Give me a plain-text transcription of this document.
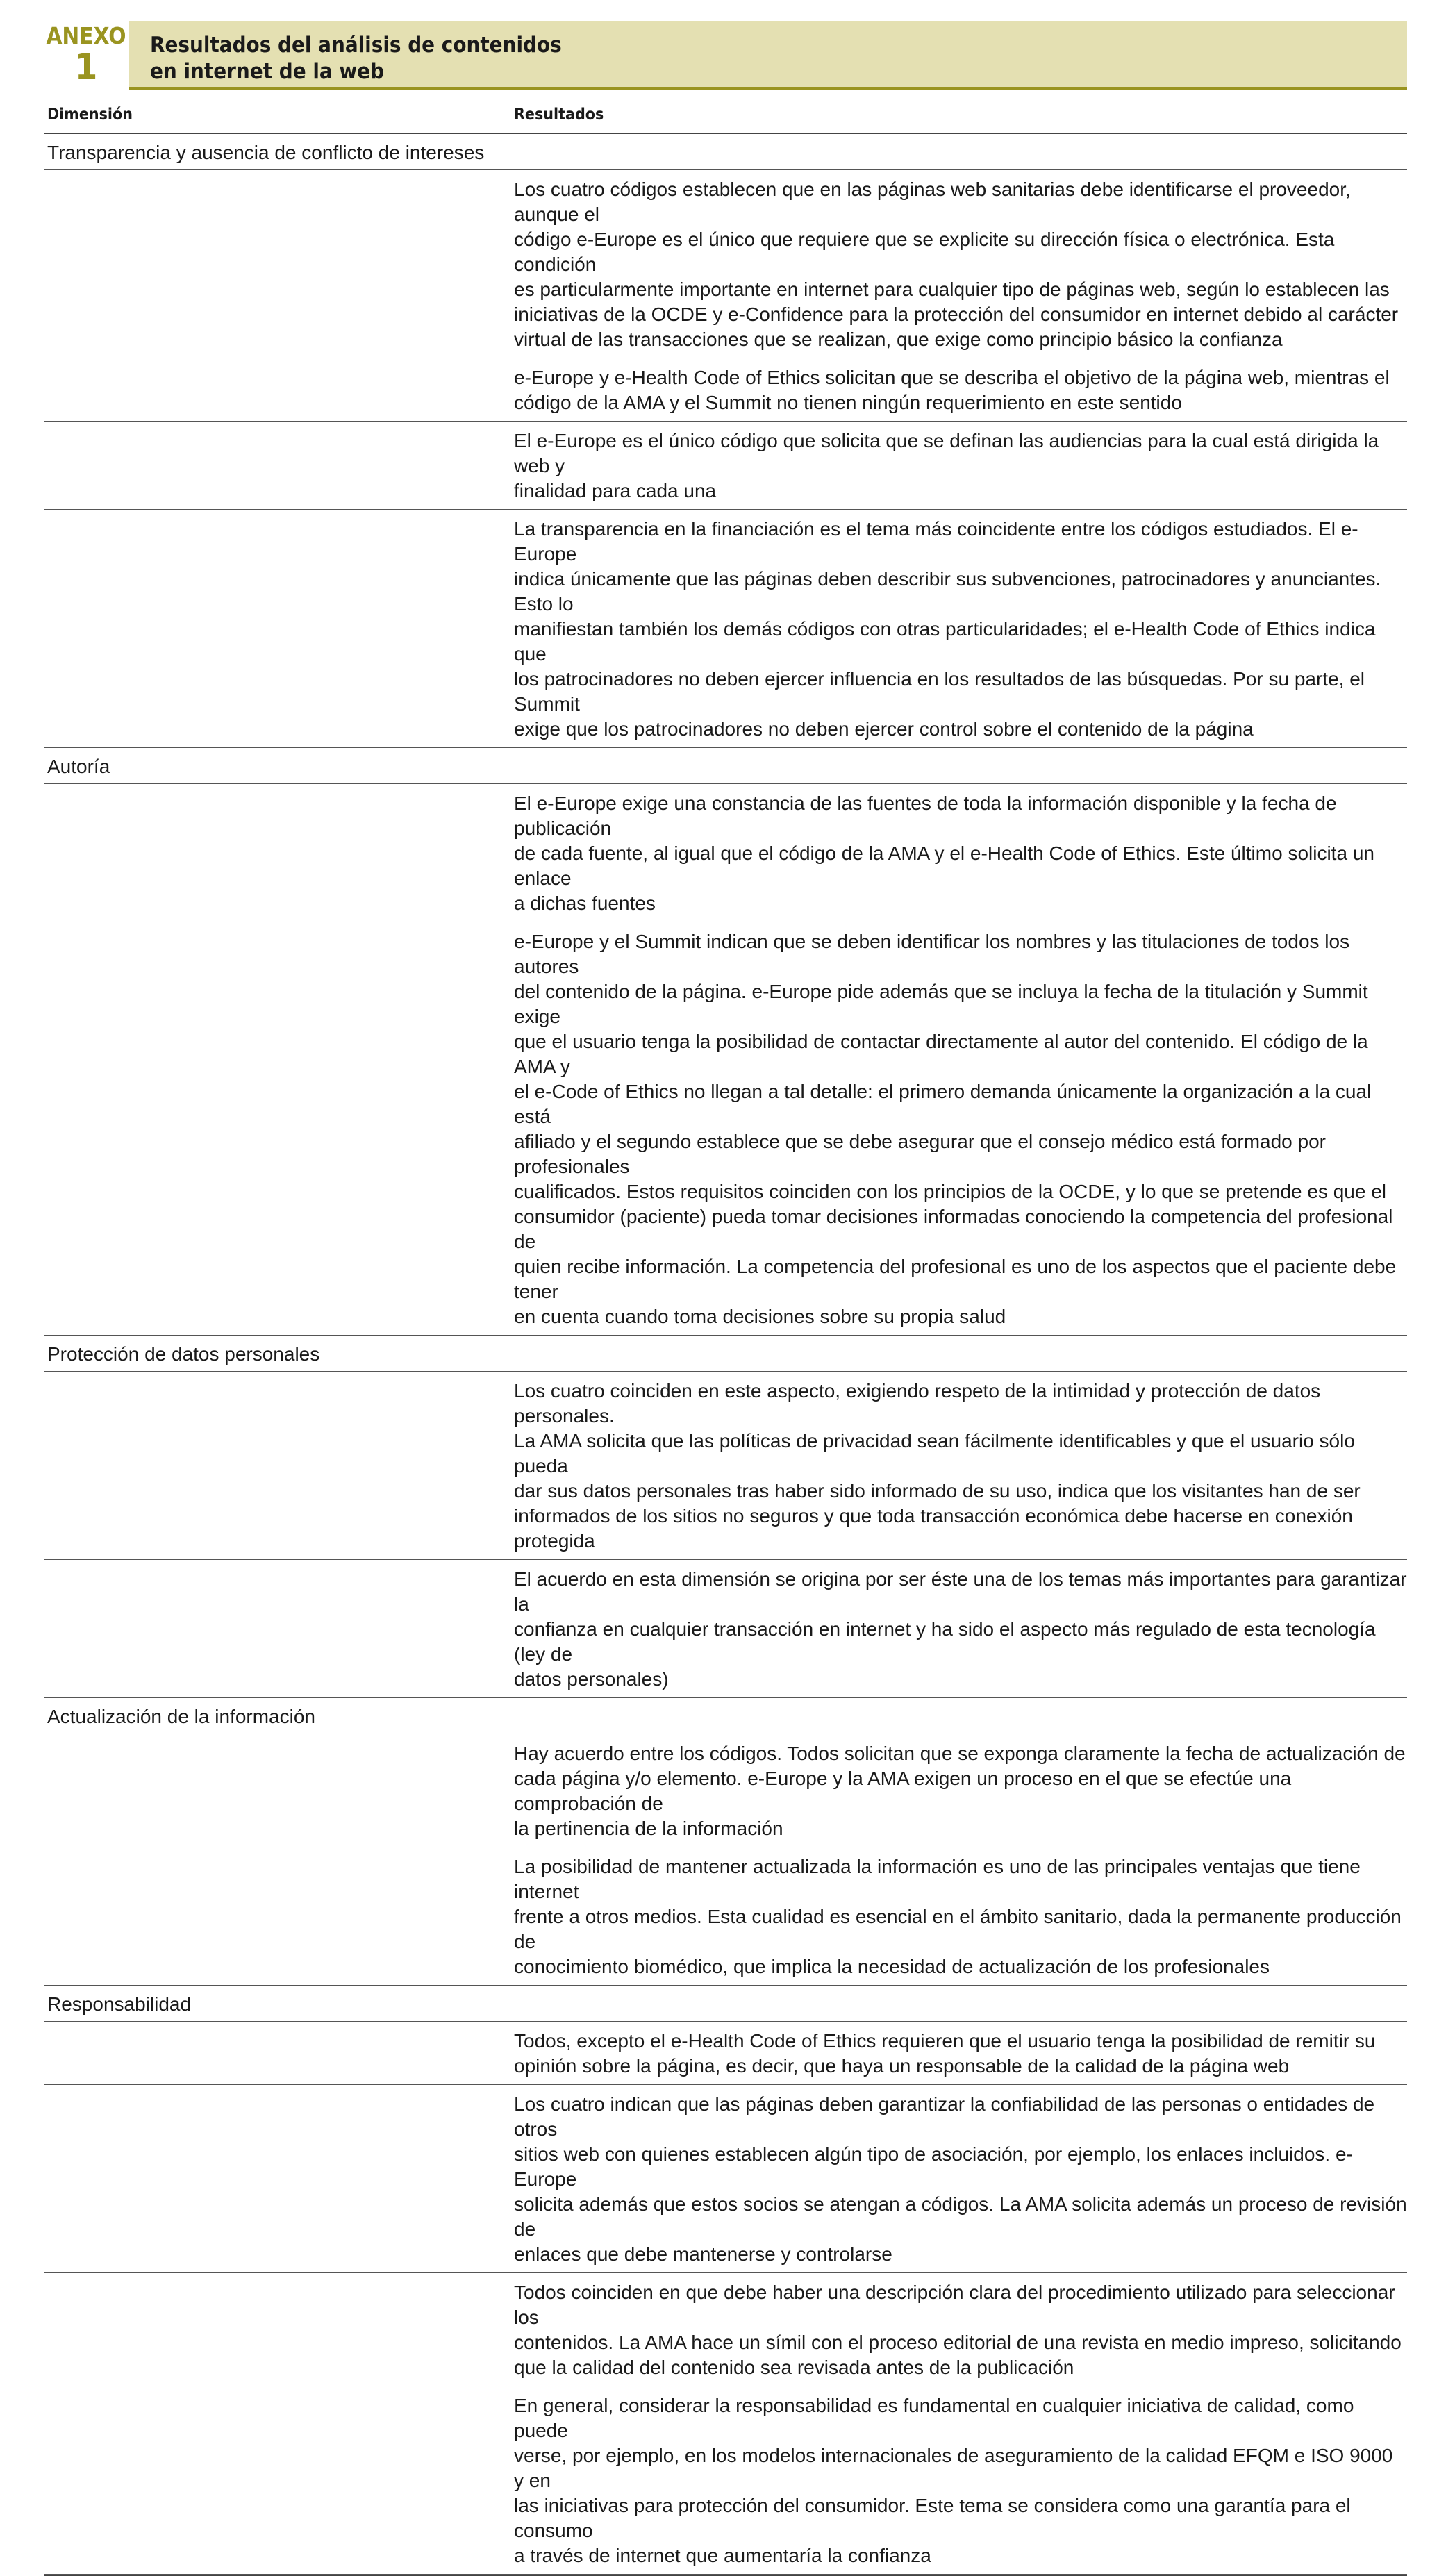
ANEXO
1
Resultados del análisis de contenidos
en internet de la web
Dimensión	Resultados
Transparencia y ausencia de conflicto de intereses
Los cuatro códigos establecen que en las páginas web sanitarias debe identificarse el proveedor, aunque el
código e-Europe es el único que requiere que se explicite su dirección física o electrónica. Esta condición
es particularmente importante en internet para cualquier tipo de páginas web, según lo establecen las
iniciativas de la OCDE y e-Confidence para la protección del consumidor en internet debido al carácter
virtual de las transacciones que se realizan, que exige como principio básico la confianza
e-Europe y e-Health Code of Ethics solicitan que se describa el objetivo de la página web, mientras el
código de la AMA y el Summit no tienen ningún requerimiento en este sentido
El e-Europe es el único código que solicita que se definan las audiencias para la cual está dirigida la web y
finalidad para cada una
La transparencia en la financiación es el tema más coincidente entre los códigos estudiados. El e-Europe
indica únicamente que las páginas deben describir sus subvenciones, patrocinadores y anunciantes. Esto lo
manifiestan también los demás códigos con otras particularidades; el e-Health Code of Ethics indica que
los patrocinadores no deben ejercer influencia en los resultados de las búsquedas. Por su parte, el Summit
exige que los patrocinadores no deben ejercer control sobre el contenido de la página
Autoría
El e-Europe exige una constancia de las fuentes de toda la información disponible y la fecha de publicación
de cada fuente, al igual que el código de la AMA y el e-Health Code of Ethics. Este último solicita un enlace
a dichas fuentes
e-Europe y el Summit indican que se deben identificar los nombres y las titulaciones de todos los autores
del contenido de la página. e-Europe pide además que se incluya la fecha de la titulación y Summit exige
que el usuario tenga la posibilidad de contactar directamente al autor del contenido. El código de la AMA y
el e-Code of Ethics no llegan a tal detalle: el primero demanda únicamente la organización a la cual está
afiliado y el segundo establece que se debe asegurar que el consejo médico está formado por profesionales
cualificados. Estos requisitos coinciden con los principios de la OCDE, y lo que se pretende es que el
consumidor (paciente) pueda tomar decisiones informadas conociendo la competencia del profesional de
quien recibe información. La competencia del profesional es uno de los aspectos que el paciente debe tener
en cuenta cuando toma decisiones sobre su propia salud
Protección de datos personales
Los cuatro coinciden en este aspecto, exigiendo respeto de la intimidad y protección de datos personales.
La AMA solicita que las políticas de privacidad sean fácilmente identificables y que el usuario sólo pueda
dar sus datos personales tras haber sido informado de su uso, indica que los visitantes han de ser
informados de los sitios no seguros y que toda transacción económica debe hacerse en conexión protegida
El acuerdo en esta dimensión se origina por ser éste una de los temas más importantes para garantizar la
confianza en cualquier transacción en internet y ha sido el aspecto más regulado de esta tecnología (ley de
datos personales)
Actualización de la información
Hay acuerdo entre los códigos. Todos solicitan que se exponga claramente la fecha de actualización de
cada página y/o elemento. e-Europe y la AMA exigen un proceso en el que se efectúe una comprobación de
la pertinencia de la información
La posibilidad de mantener actualizada la información es uno de las principales ventajas que tiene internet
frente a otros medios. Esta cualidad es esencial en el ámbito sanitario, dada la permanente producción de
conocimiento biomédico, que implica la necesidad de actualización de los profesionales
Responsabilidad
Todos, excepto el e-Health Code of Ethics requieren que el usuario tenga la posibilidad de remitir su
opinión sobre la página, es decir, que haya un responsable de la calidad de la página web
Los cuatro indican que las páginas deben garantizar la confiabilidad de las personas o entidades de otros
sitios web con quienes establecen algún tipo de asociación, por ejemplo, los enlaces incluidos. e-Europe
solicita además que estos socios se atengan a códigos. La AMA solicita además un proceso de revisión de
enlaces que debe mantenerse y controlarse
Todos coinciden en que debe haber una descripción clara del procedimiento utilizado para seleccionar los
contenidos. La AMA hace un símil con el proceso editorial de una revista en medio impreso, solicitando
que la calidad del contenido sea revisada antes de la publicación
En general, considerar la responsabilidad es fundamental en cualquier iniciativa de calidad, como puede
verse, por ejemplo, en los modelos internacionales de aseguramiento de la calidad EFQM e ISO 9000 y en
las iniciativas para protección del consumidor. Este tema se considera como una garantía para el consumo
a través de internet que aumentaría la confianza
